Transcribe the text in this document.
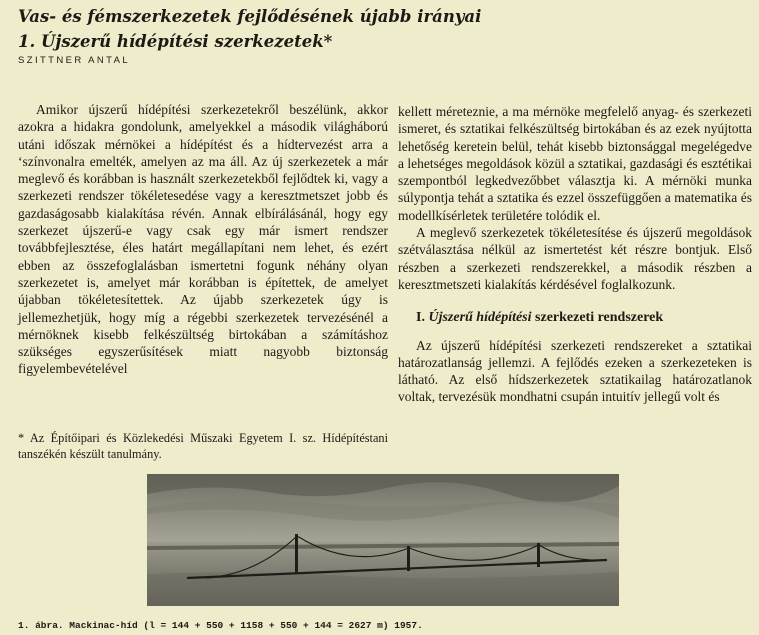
Vas- és fémszerkezetek fejlődésének újabb irányai
1. Újszerű hídépítési szerkezetek*

SZITTNER ANTAL

Amikor újszerű hídépítési szerkezetekről beszélünk, akkor azokra a hidakra gondolunk, amelyekkel a második világháború utáni időszak mérnökei a hídépítést és a hídtervezést arra a ‘színvonalra emelték, amelyen az ma áll. Az új szerkezetek a már meglevő és korábban is használt szerkezetekből fejlődtek ki, vagy a szerkezeti rendszer tökéletesedése vagy a keresztmetszet jobb és gazdaságosabb kialakítása révén. Annak elbírálásánál, hogy egy szerkezet újszerű-e vagy csak egy már ismert rendszer továbbfejlesztése, éles határt megállapítani nem lehet, és ezért ebben az összefoglalásban ismertetni fogunk néhány olyan szerkezetet is, amelyet már korábban is építettek, de amelyet újabban tökéletesítettek. Az újabb szerkezetek úgy is jellemezhetjük, hogy míg a régebbi szerkezetek tervezésénél a mérnöknek kisebb felkészültség birtokában a számításhoz szükséges egyszerűsítések miatt nagyobb biztonság figyelembevételével

* Az Építőipari és Közlekedési Műszaki Egyetem I. sz. Hídépítéstani tanszékén készült tanulmány.

kellett méreteznie, a ma mérnöke megfelelő anyag- és szerkezeti ismeret, és sztatikai felkészültség birtokában és az ezek nyújtotta lehetőség keretein belül, tehát kisebb biztonsággal megelégedve a lehetséges megoldások közül a sztatikai, gazdasági és esztétikai szempontból legkedvezőbbet választja ki. A mérnöki munka súlypontja tehát a sztatika és ezzel összefüggően a matematika és modellkísérletek területére tolódik el.

A meglevő szerkezetek tökéletesítése és újszerű megoldások szétválasztása nélkül az ismertetést két részre bontjuk. Első részben a szerkezeti rendszerekkel, a második részben a keresztmetszeti kialakítás kérdésével foglalkozunk.

I. Újszerű hídépítési szerkezeti rendszerek

Az újszerű hídépítési szerkezeti rendszereket a sztatikai határozatlanság jellemzi. A fejlődés ezeken a szerkezeteken is látható. Az első hídszerkezetek sztatikailag határozatlanok voltak, tervezésük mondhatni csupán intuitív jellegű volt és

1. ábra. Mackinac-híd (l = 144 + 550 + 1158 + 550 + 144 = 2627 m) 1957.
